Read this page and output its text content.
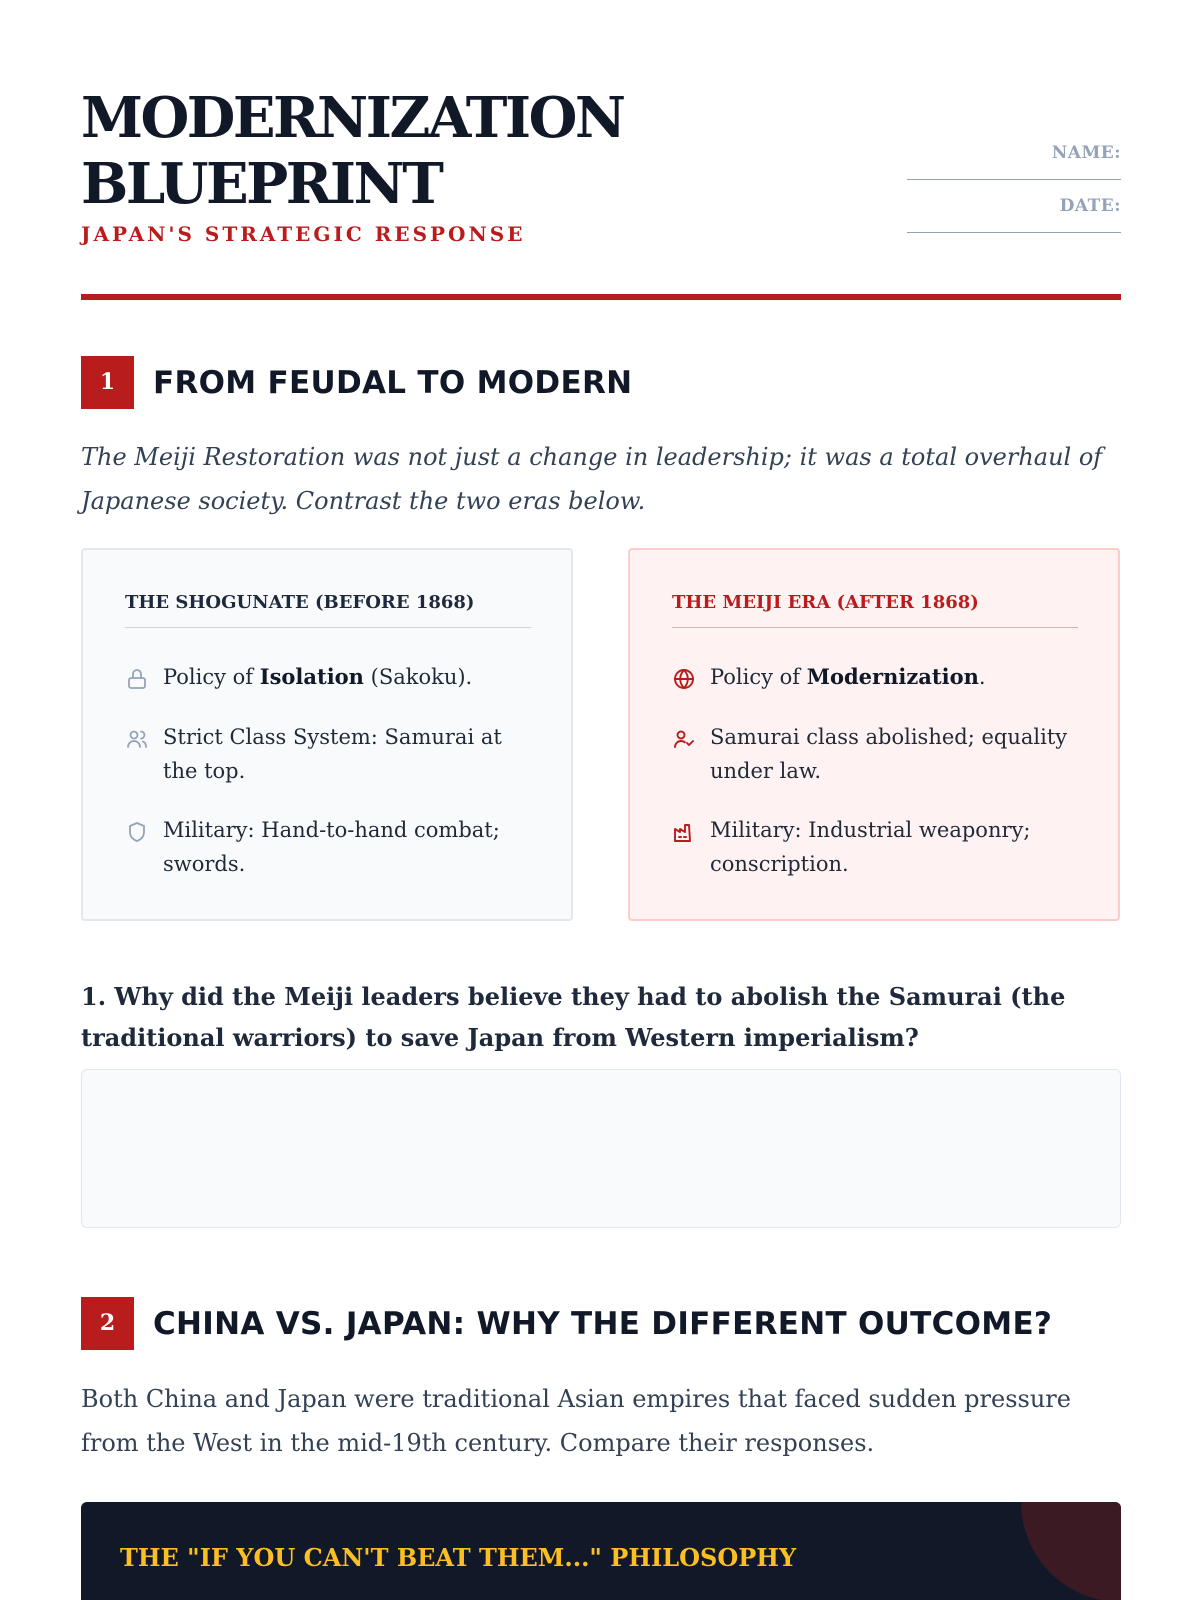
MODERNIZATION
BLUEPRINT
JAPAN'S STRATEGIC RESPONSE
NAME:
DATE:
1	FROM FEUDAL TO MODERN

The Meiji Restoration was not just a change in leadership; it was a total overhaul of Japanese society. Contrast the two eras below.

THE SHOGUNATE (BEFORE 1868)
Policy of Isolation (Sakoku).
Strict Class System: Samurai at the top.
Military: Hand-to-hand combat; swords.
THE MEIJI ERA (AFTER 1868)
Policy of Modernization.
Samurai class abolished; equality under law.
Military: Industrial weaponry; conscription.

1. Why did the Meiji leaders believe they had to abolish the Samurai (the traditional warriors) to save Japan from Western imperialism?

2	CHINA VS. JAPAN: WHY THE DIFFERENT OUTCOME?

Both China and Japan were traditional Asian empires that faced sudden pressure from the West in the mid-19th century. Compare their responses.

THE "IF YOU CAN'T BEAT THEM..." PHILOSOPHY
